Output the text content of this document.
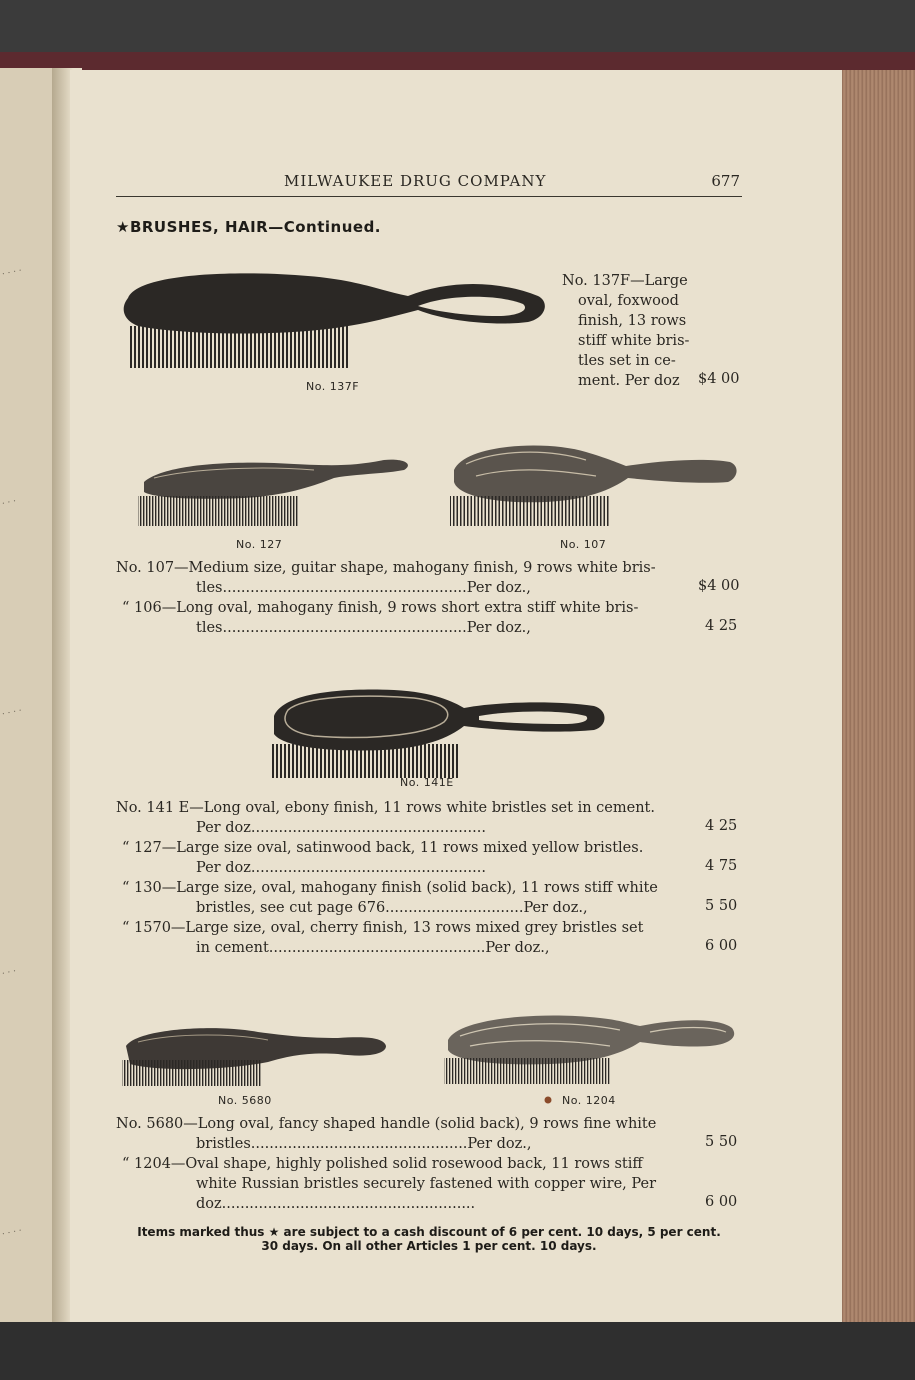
· · · ·
· · ·
· · · ·
· · ·
· · · ·
MILWAUKEE DRUG COMPANY	677
★BRUSHES, HAIR—Continued.
No. 137F
No. 137F—Large
oval, foxwood
finish, 13 rows
stiff white bris-
tles set in ce-
ment. Per doz $4 00
No. 127	No. 107
No. 107—Medium size, guitar shape, mahogany finish, 9 rows white bris-
tles.....................................................Per doz.,	$4 00
“ 106—Long oval, mahogany finish, 9 rows short extra stiff white bris-
tles.....................................................Per doz.,	4 25
No. 141E
No. 141 E—Long oval, ebony finish, 11 rows white bristles set in cement.
Per doz...................................................	4 25
“ 127—Large size oval, satinwood back, 11 rows mixed yellow bristles.
Per doz...................................................	4 75
“ 130—Large size, oval, mahogany finish (solid back), 11 rows stiff white
bristles, see cut page 676..............................Per doz.,	5 50
“ 1570—Large size, oval, cherry finish, 13 rows mixed grey bristles set
in cement...............................................Per doz.,	6 00
No. 5680	No. 1204
No. 5680—Long oval, fancy shaped handle (solid back), 9 rows fine white
bristles...............................................Per doz.,	5 50
“ 1204—Oval shape, highly polished solid rosewood back, 11 rows stiff
white Russian bristles securely fastened with copper wire, Per
doz.......................................................	6 00
Items marked thus ★ are subject to a cash discount of 6 per cent. 10 days, 5 per cent.
30 days. On all other Articles 1 per cent. 10 days.
